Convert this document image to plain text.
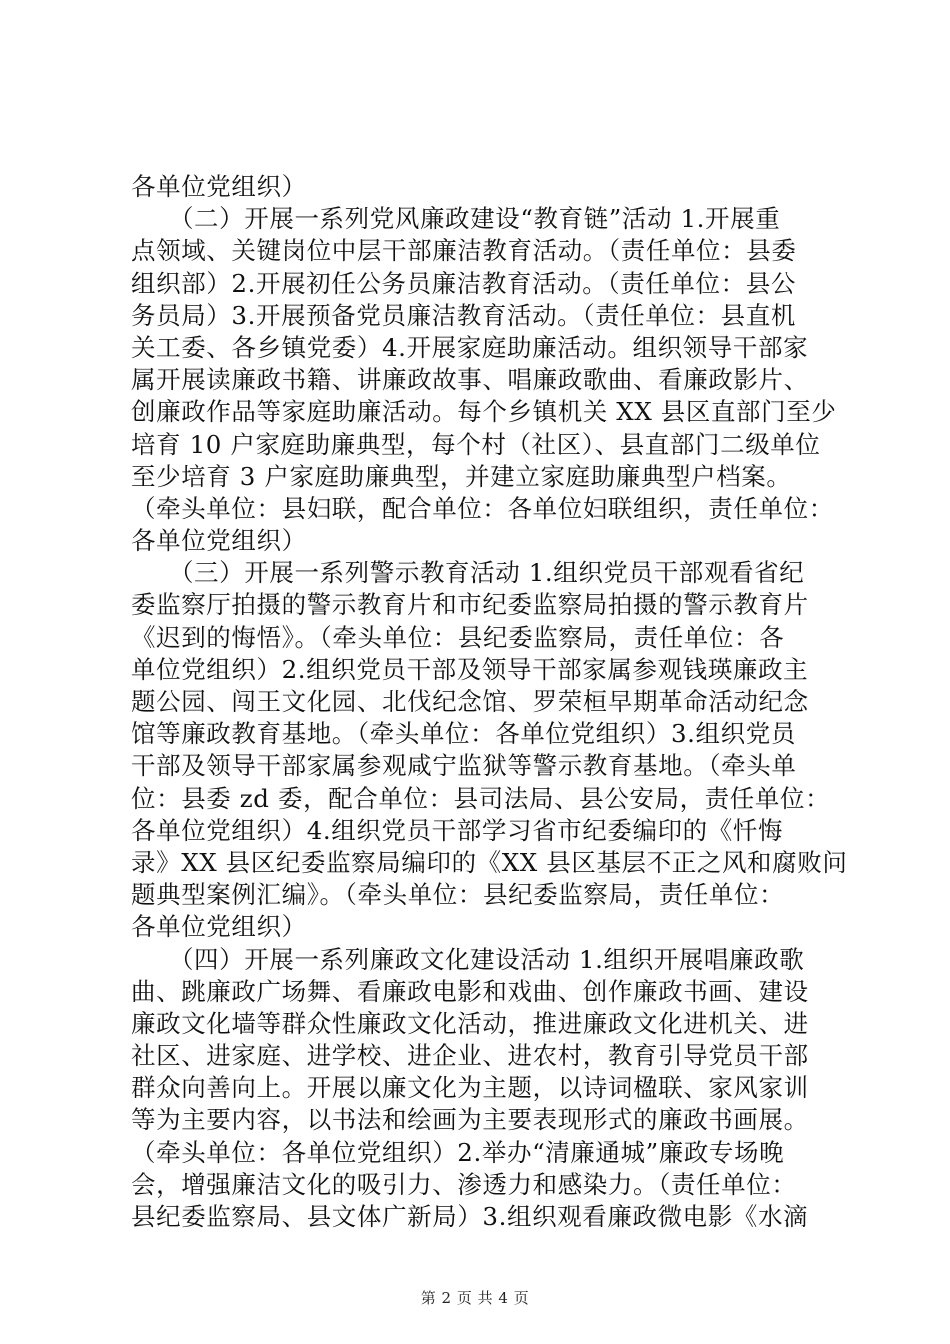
各单位党组织）
　　（二）开展一系列党风廉政建设“教育链”活动 1.开展重
点领域、关键岗位中层干部廉洁教育活动。（责任单位：县委
组织部）2.开展初任公务员廉洁教育活动。（责任单位：县公
务员局）3.开展预备党员廉洁教育活动。（责任单位：县直机
关工委、各乡镇党委）4.开展家庭助廉活动。组织领导干部家
属开展读廉政书籍、讲廉政故事、唱廉政歌曲、看廉政影片、
创廉政作品等家庭助廉活动。每个乡镇机关 XX 县区直部门至少
培育 10 户家庭助廉典型，每个村（社区）、县直部门二级单位
至少培育 3 户家庭助廉典型，并建立家庭助廉典型户档案。
（牵头单位：县妇联，配合单位：各单位妇联组织，责任单位：
各单位党组织）
　　（三）开展一系列警示教育活动 1.组织党员干部观看省纪
委监察厅拍摄的警示教育片和市纪委监察局拍摄的警示教育片
《迟到的悔悟》。（牵头单位：县纪委监察局，责任单位：各
单位党组织）2.组织党员干部及领导干部家属参观钱瑛廉政主
题公园、闯王文化园、北伐纪念馆、罗荣桓早期革命活动纪念
馆等廉政教育基地。（牵头单位：各单位党组织）3.组织党员
干部及领导干部家属参观咸宁监狱等警示教育基地。（牵头单
位：县委 zd 委，配合单位：县司法局、县公安局，责任单位：
各单位党组织）4.组织党员干部学习省市纪委编印的《忏悔
录》XX 县区纪委监察局编印的《XX 县区基层不正之风和腐败问
题典型案例汇编》。（牵头单位：县纪委监察局，责任单位：
各单位党组织）
　　（四）开展一系列廉政文化建设活动 1.组织开展唱廉政歌
曲、跳廉政广场舞、看廉政电影和戏曲、创作廉政书画、建设
廉政文化墙等群众性廉政文化活动，推进廉政文化进机关、进
社区、进家庭、进学校、进企业、进农村，教育引导党员干部
群众向善向上。开展以廉文化为主题，以诗词楹联、家风家训
等为主要内容，以书法和绘画为主要表现形式的廉政书画展。
（牵头单位：各单位党组织）2.举办“清廉通城”廉政专场晚
会，增强廉洁文化的吸引力、渗透力和感染力。（责任单位：
县纪委监察局、县文体广新局）3.组织观看廉政微电影《水滴
第 2 页 共 4 页
